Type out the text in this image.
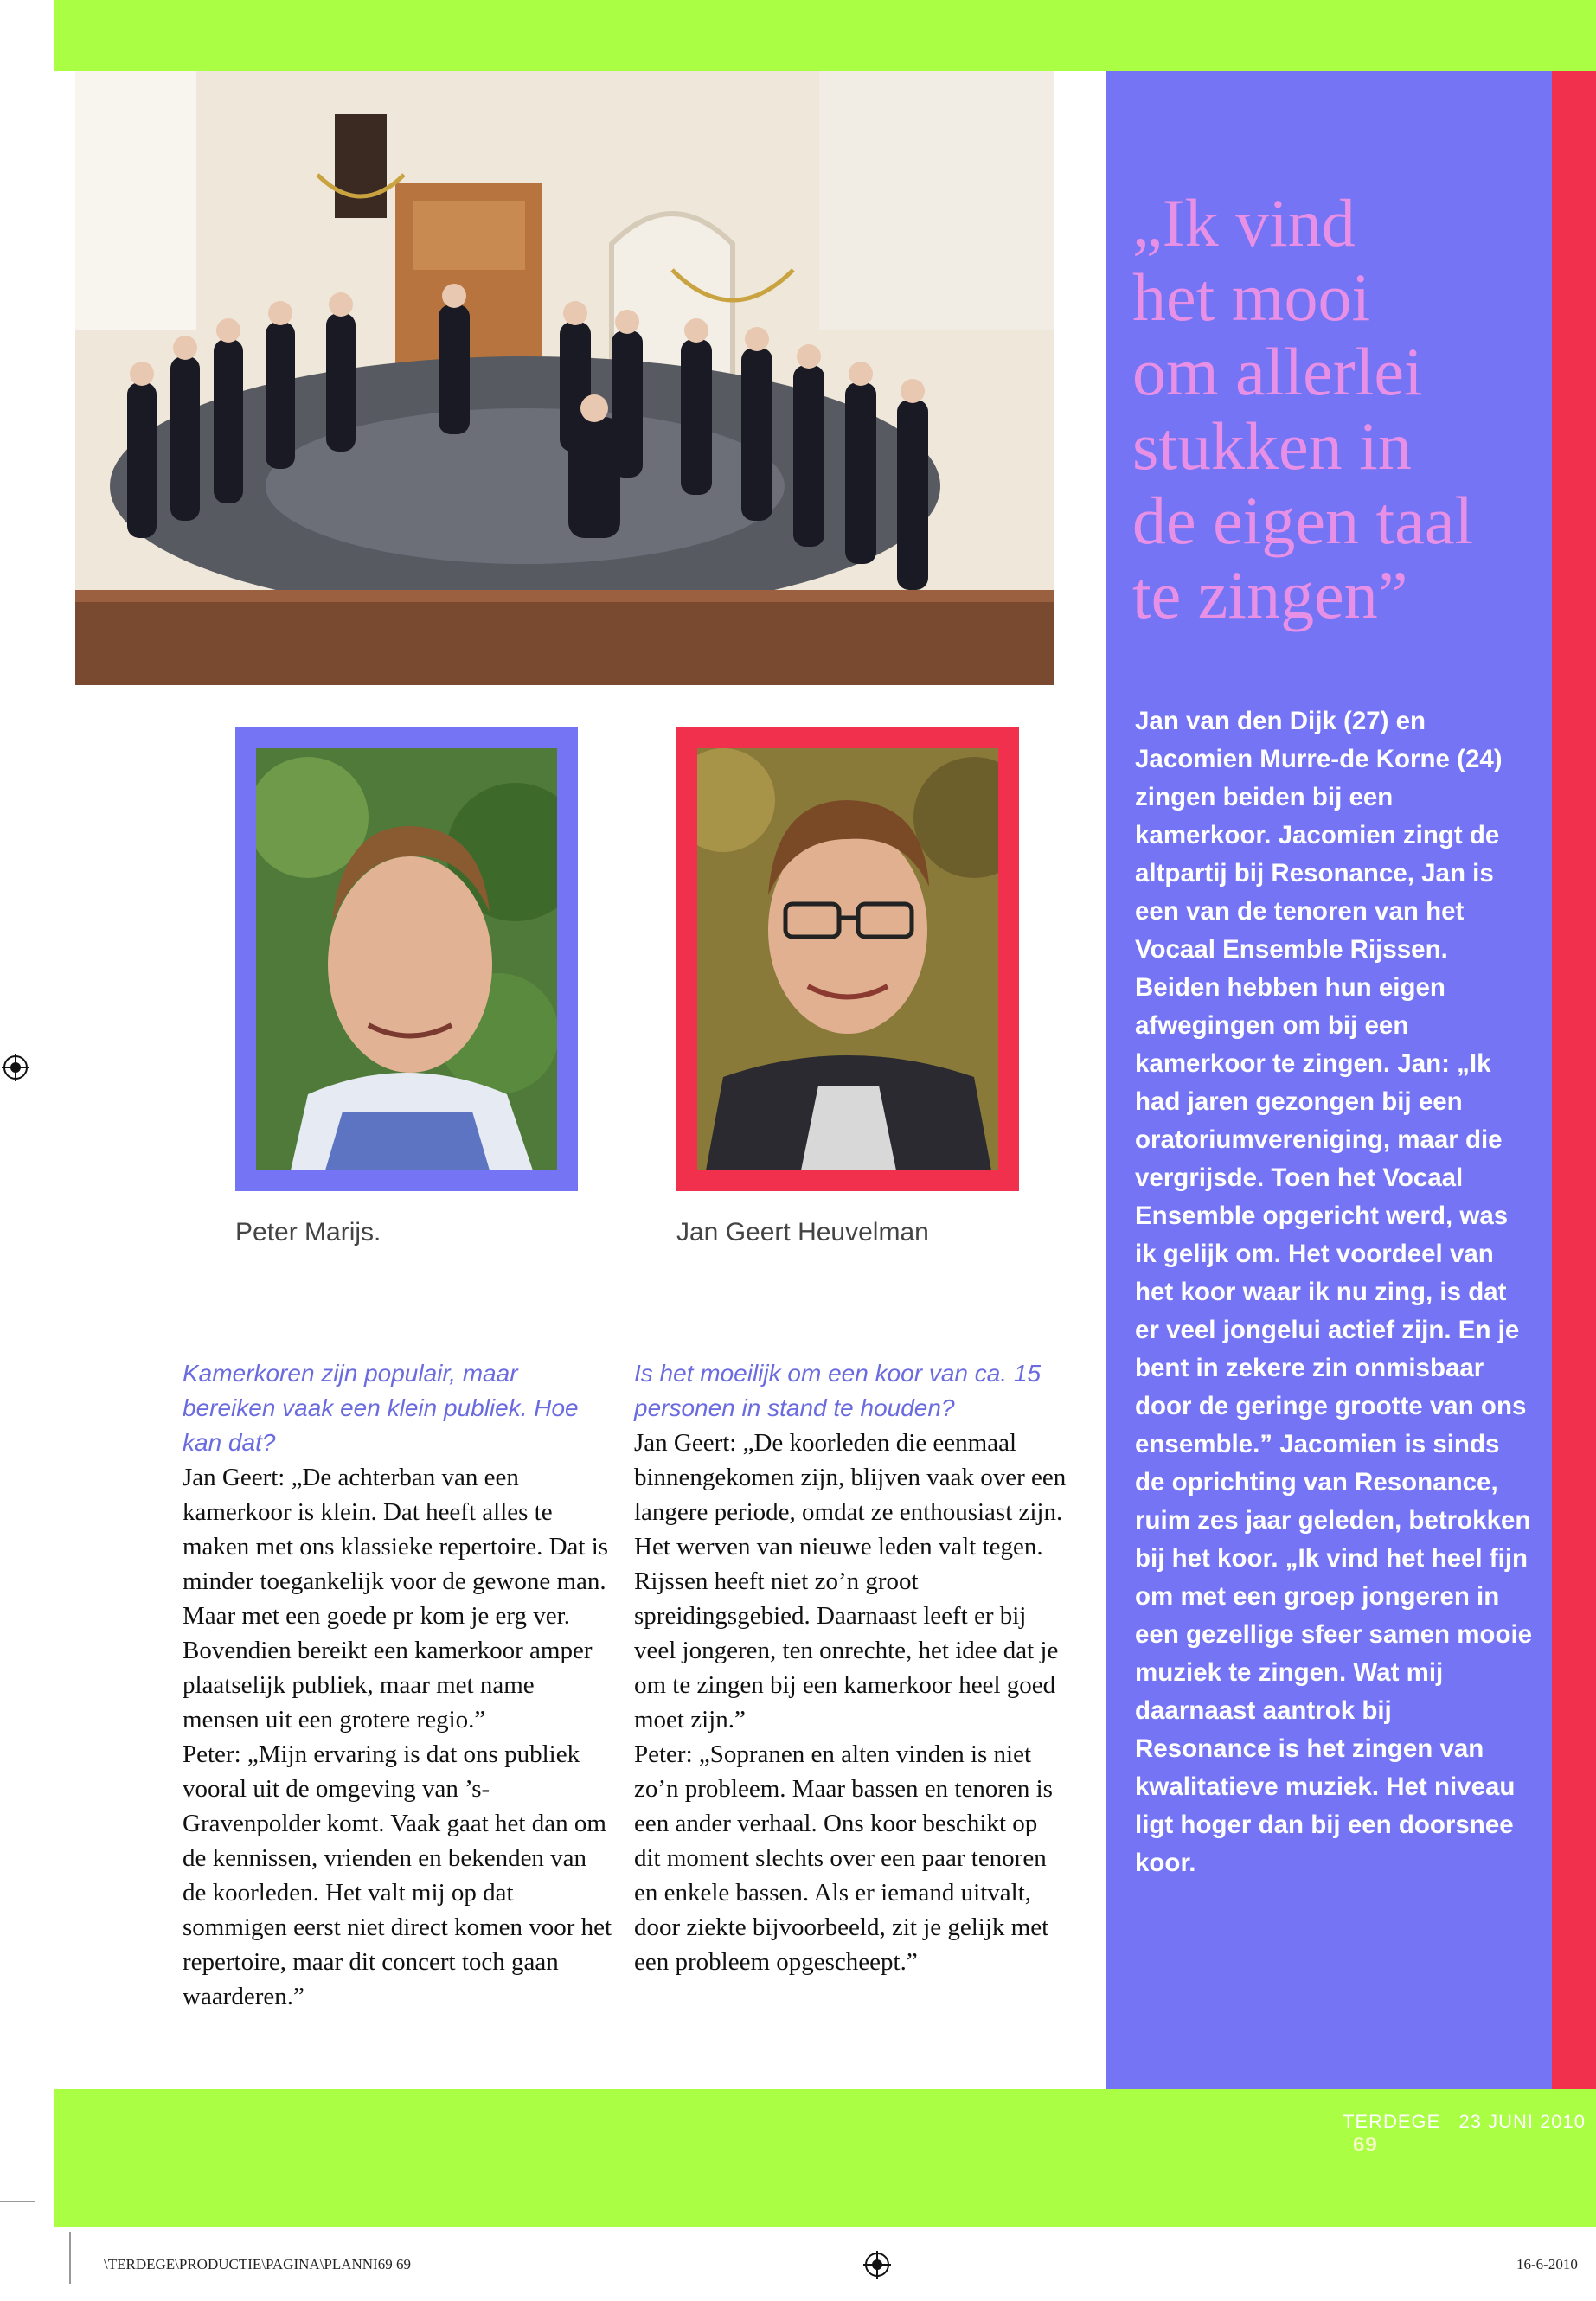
„Ik vind
het mooi
om allerlei
stukken in
de eigen taal
te zingen”
Jan van den Dijk (27) en Jacomien Murre-de Korne (24) zingen beiden bij een kamerkoor. Jacomien zingt de altpartij bij Resonance, Jan is een van de tenoren van het Vocaal Ensemble Rijssen. Beiden hebben hun eigen afwegingen om bij een kamerkoor te zingen. Jan: „Ik had jaren gezongen bij een oratoriumvereniging, maar die vergrijsde. Toen het Vocaal Ensemble opgericht werd, was ik gelijk om. Het voordeel van het koor waar ik nu zing, is dat er veel jongelui actief zijn. En je bent in zekere zin onmisbaar door de geringe grootte van ons ensemble.” Jacomien is sinds de oprichting van Resonance, ruim zes jaar geleden, betrokken bij het koor. „Ik vind het heel fijn om met een groep jongeren in een gezellige sfeer samen mooie muziek te zingen. Wat mij daarnaast aantrok bij Resonance is het zingen van kwalitatieve muziek. Het niveau ligt hoger dan bij een doorsnee koor.
Peter Marijs.	Jan Geert Heuvelman
Kamerkoren zijn populair, maar bereiken vaak een klein publiek. Hoe kan dat?
Jan Geert: „De achterban van een kamerkoor is klein. Dat heeft alles te maken met ons klassieke repertoire. Dat is minder toegankelijk voor de gewone man. Maar met een goede pr kom je erg ver. Bovendien bereikt een kamerkoor amper plaatselijk publiek, maar met name mensen uit een grotere regio.”
Peter: „Mijn ervaring is dat ons publiek vooral uit de omgeving van ’s-Gravenpolder komt. Vaak gaat het dan om de kennissen, vrienden en bekenden van de koorleden. Het valt mij op dat sommigen eerst niet direct komen voor het repertoire, maar dit concert toch gaan waarderen.”
Is het moeilijk om een koor van ca. 15 personen in stand te houden?
Jan Geert: „De koorleden die eenmaal binnengekomen zijn, blijven vaak over een langere periode, omdat ze enthousiast zijn. Het werven van nieuwe leden valt tegen. Rijssen heeft niet zo’n groot spreidingsgebied. Daarnaast leeft er bij veel jongeren, ten onrechte, het idee dat je om te zingen bij een kamerkoor heel goed moet zijn.”
Peter: „Sopranen en alten vinden is niet zo’n probleem. Maar bassen en tenoren is een ander verhaal. Ons koor beschikt op dit moment slechts over een paar tenoren en enkele bassen. Als er iemand uitvalt, door ziekte bijvoorbeeld, zit je gelijk met een probleem opgescheept.”
TERDEGE 23 JUNI 2010 69
\TERDEGE\PRODUCTIE\PAGINA\PLANNI69 69	16-6-2010
